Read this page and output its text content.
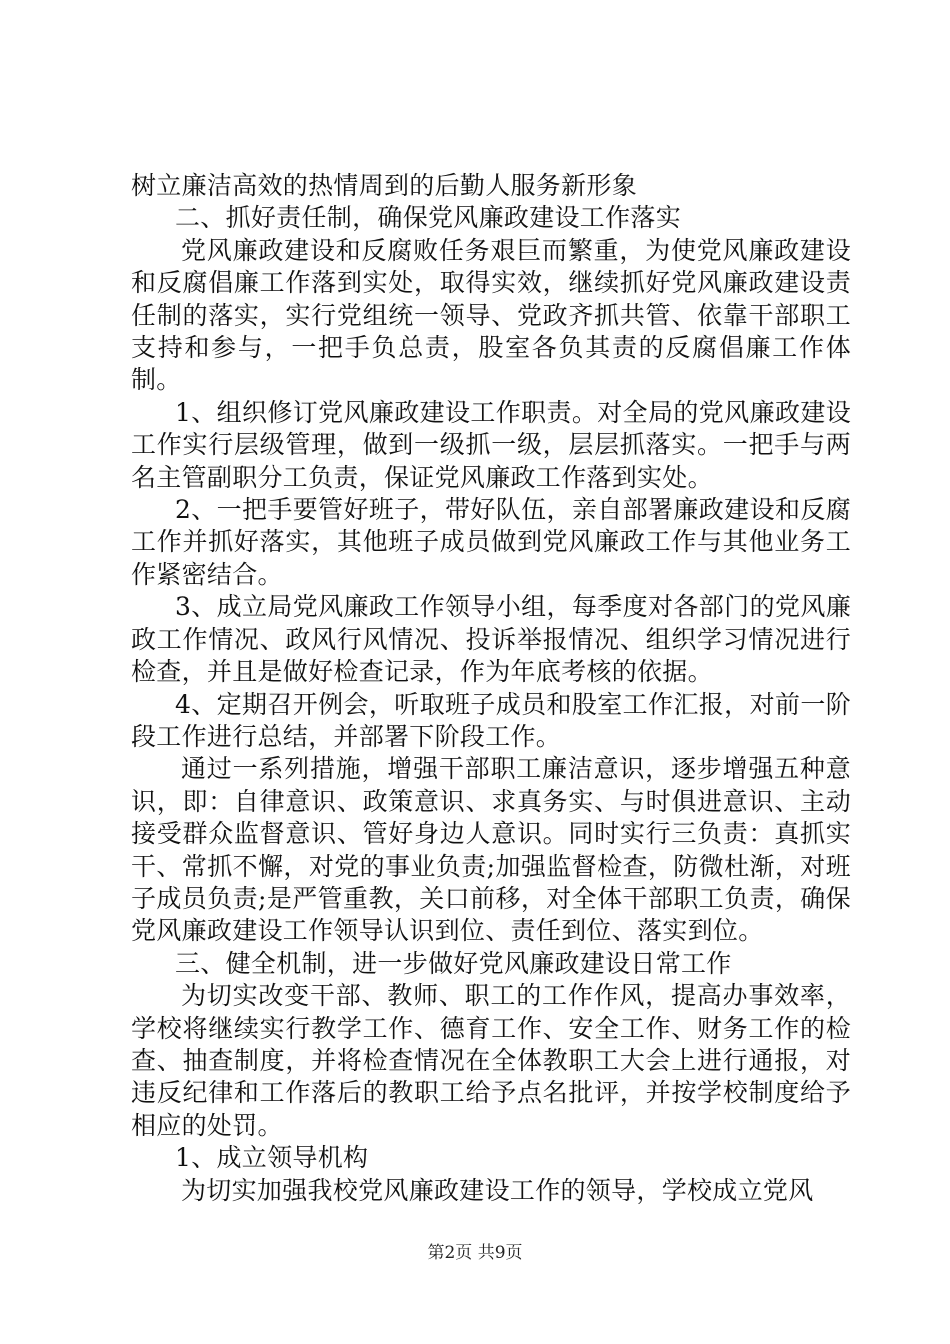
树立廉洁高效的热情周到的后勤人服务新形象

二、抓好责任制，确保党风廉政建设工作落实

党风廉政建设和反腐败任务艰巨而繁重，为使党风廉政建设和反腐倡廉工作落到实处，取得实效，继续抓好党风廉政建设责任制的落实，实行党组统一领导、党政齐抓共管、依靠干部职工支持和参与，一把手负总责，股室各负其责的反腐倡廉工作体制。

1、组织修订党风廉政建设工作职责。对全局的党风廉政建设工作实行层级管理，做到一级抓一级，层层抓落实。一把手与两名主管副职分工负责，保证党风廉政工作落到实处。

2、一把手要管好班子，带好队伍，亲自部署廉政建设和反腐工作并抓好落实，其他班子成员做到党风廉政工作与其他业务工作紧密结合。

3、成立局党风廉政工作领导小组，每季度对各部门的党风廉政工作情况、政风行风情况、投诉举报情况、组织学习情况进行检查，并且是做好检查记录，作为年底考核的依据。

4、定期召开例会，听取班子成员和股室工作汇报，对前一阶段工作进行总结，并部署下阶段工作。

通过一系列措施，增强干部职工廉洁意识，逐步增强五种意识，即：自律意识、政策意识、求真务实、与时俱进意识、主动接受群众监督意识、管好身边人意识。同时实行三负责：真抓实干、常抓不懈，对党的事业负责;加强监督检查，防微杜渐，对班子成员负责;是严管重教，关口前移，对全体干部职工负责，确保党风廉政建设工作领导认识到位、责任到位、落实到位。

三、健全机制，进一步做好党风廉政建设日常工作

为切实改变干部、教师、职工的工作作风，提高办事效率，学校将继续实行教学工作、德育工作、安全工作、财务工作的检查、抽查制度，并将检查情况在全体教职工大会上进行通报，对违反纪律和工作落后的教职工给予点名批评，并按学校制度给予相应的处罚。

1、成立领导机构

为切实加强我校党风廉政建设工作的领导，学校成立党风

第2页 共9页
